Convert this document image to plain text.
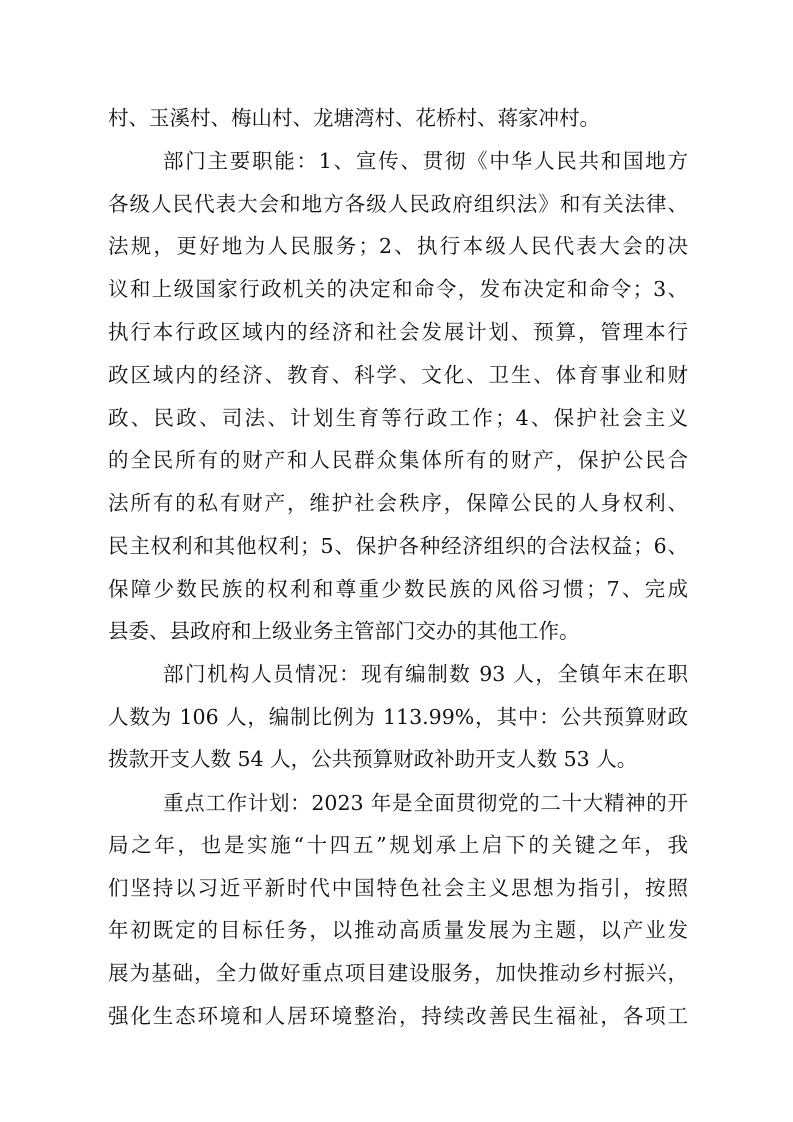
村、玉溪村、梅山村、龙塘湾村、花桥村、蒋家冲村。
部门主要职能：1、宣传、贯彻《中华人民共和国地方
各级人民代表大会和地方各级人民政府组织法》和有关法律、
法规，更好地为人民服务；2、执行本级人民代表大会的决
议和上级国家行政机关的决定和命令，发布决定和命令；3、
执行本行政区域内的经济和社会发展计划、预算，管理本行
政区域内的经济、教育、科学、文化、卫生、体育事业和财
政、民政、司法、计划生育等行政工作；4、保护社会主义
的全民所有的财产和人民群众集体所有的财产，保护公民合
法所有的私有财产，维护社会秩序，保障公民的人身权利、
民主权利和其他权利；5、保护各种经济组织的合法权益；6、
保障少数民族的权利和尊重少数民族的风俗习惯；7、完成
县委、县政府和上级业务主管部门交办的其他工作。
部门机构人员情况：现有编制数 93 人，全镇年末在职
人数为 106 人，编制比例为 113.99%，其中：公共预算财政
拨款开支人数 54 人，公共预算财政补助开支人数 53 人。
重点工作计划：2023 年是全面贯彻党的二十大精神的开
局之年，也是实施“十四五”规划承上启下的关键之年，我
们坚持以习近平新时代中国特色社会主义思想为指引，按照
年初既定的目标任务，以推动高质量发展为主题，以产业发
展为基础，全力做好重点项目建设服务，加快推动乡村振兴，
强化生态环境和人居环境整治，持续改善民生福祉，各项工
